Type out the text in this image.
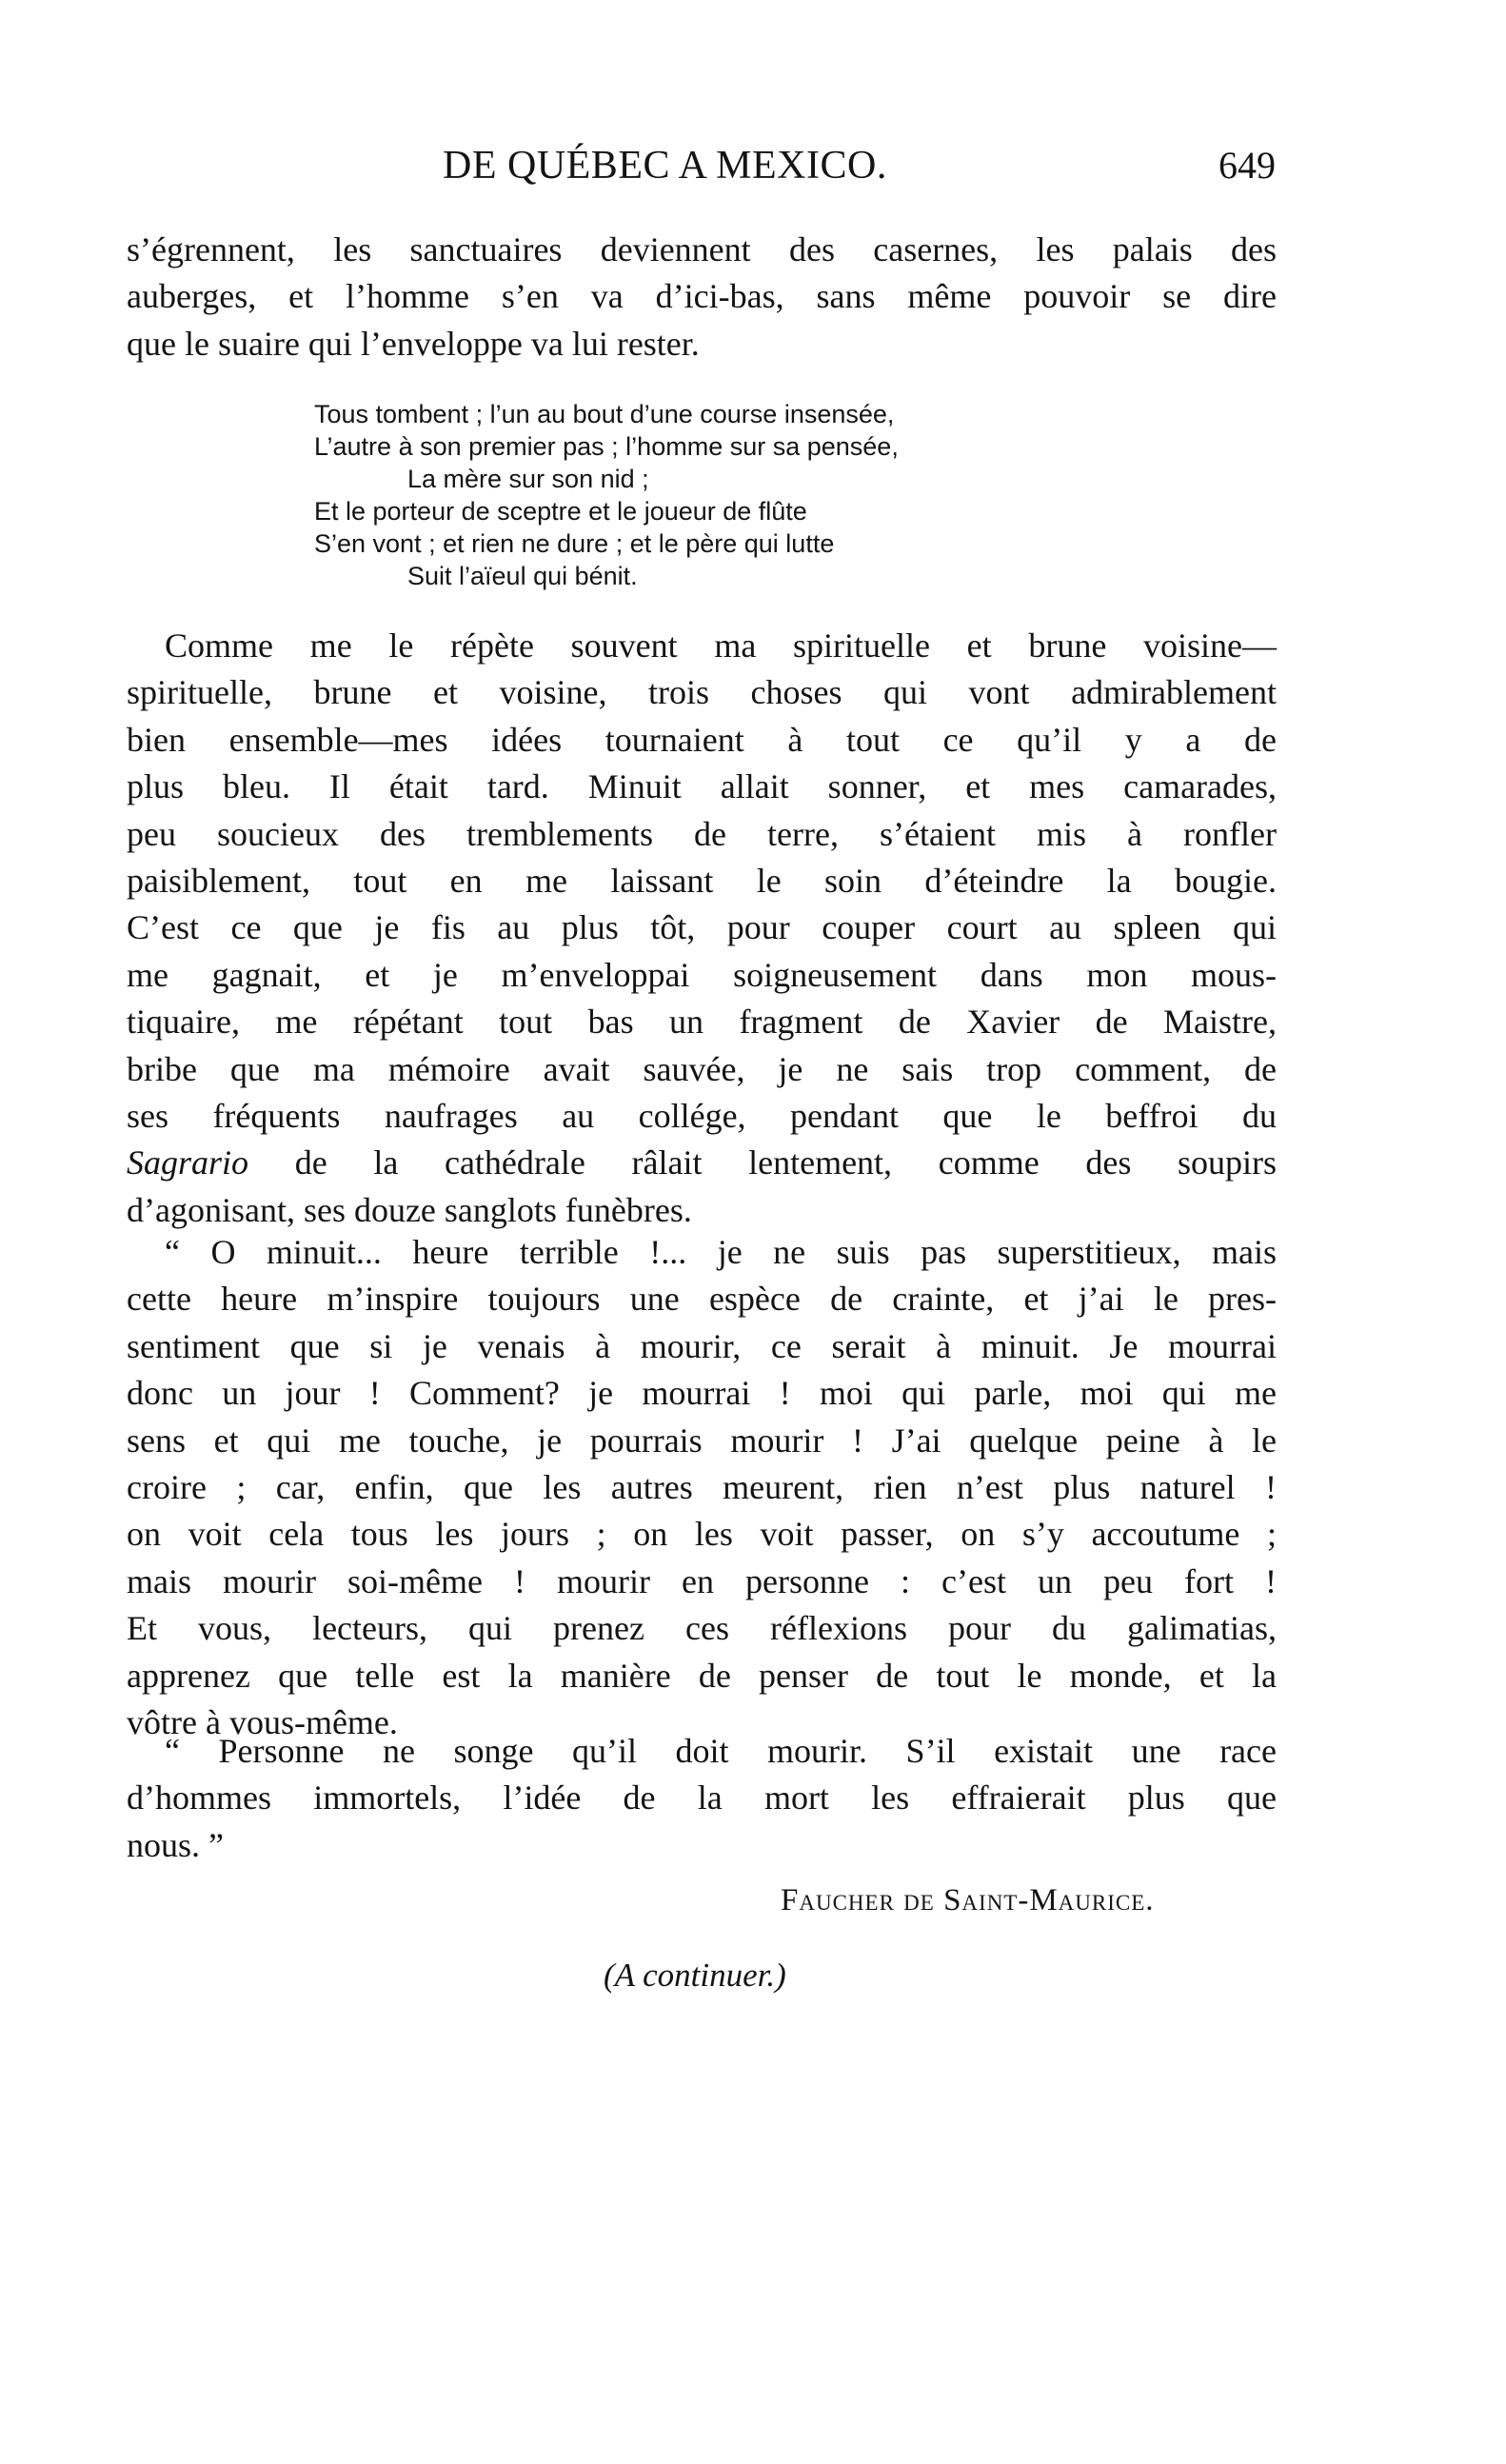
DE QUÉBEC A MEXICO.	649
s’égrennent, les sanctuaires deviennent des casernes, les palais des
auberges, et l’homme s’en va d’ici-bas, sans même pouvoir se dire
que le suaire qui l’enveloppe va lui rester.
Tous tombent ; l’un au bout d’une course insensée,
L’autre à son premier pas ; l’homme sur sa pensée,
La mère sur son nid ;
Et le porteur de sceptre et le joueur de flûte
S’en vont ; et rien ne dure ; et le père qui lutte
Suit l’aïeul qui bénit.
Comme me le répète souvent ma spirituelle et brune voisine—
spirituelle, brune et voisine, trois choses qui vont admirablement
bien ensemble—mes idées tournaient à tout ce qu’il y a de
plus bleu. Il était tard. Minuit allait sonner, et mes camarades,
peu soucieux des tremblements de terre, s’étaient mis à ronfler
paisiblement, tout en me laissant le soin d’éteindre la bougie.
C’est ce que je fis au plus tôt, pour couper court au spleen qui
me gagnait, et je m’enveloppai soigneusement dans mon mous-
tiquaire, me répétant tout bas un fragment de Xavier de Maistre,
bribe que ma mémoire avait sauvée, je ne sais trop comment, de
ses fréquents naufrages au collége, pendant que le beffroi du
Sagrario de la cathédrale râlait lentement, comme des soupirs
d’agonisant, ses douze sanglots funèbres.
“ O minuit... heure terrible !... je ne suis pas superstitieux, mais
cette heure m’inspire toujours une espèce de crainte, et j’ai le pres-
sentiment que si je venais à mourir, ce serait à minuit. Je mourrai
donc un jour ! Comment? je mourrai ! moi qui parle, moi qui me
sens et qui me touche, je pourrais mourir ! J’ai quelque peine à le
croire ; car, enfin, que les autres meurent, rien n’est plus naturel !
on voit cela tous les jours ; on les voit passer, on s’y accoutume ;
mais mourir soi-même ! mourir en personne : c’est un peu fort !
Et vous, lecteurs, qui prenez ces réflexions pour du galimatias,
apprenez que telle est la manière de penser de tout le monde, et la
vôtre à vous-même.
“ Personne ne songe qu’il doit mourir. S’il existait une race
d’hommes immortels, l’idée de la mort les effraierait plus que
nous. ”
Faucher de Saint-Maurice.
(A continuer.)
